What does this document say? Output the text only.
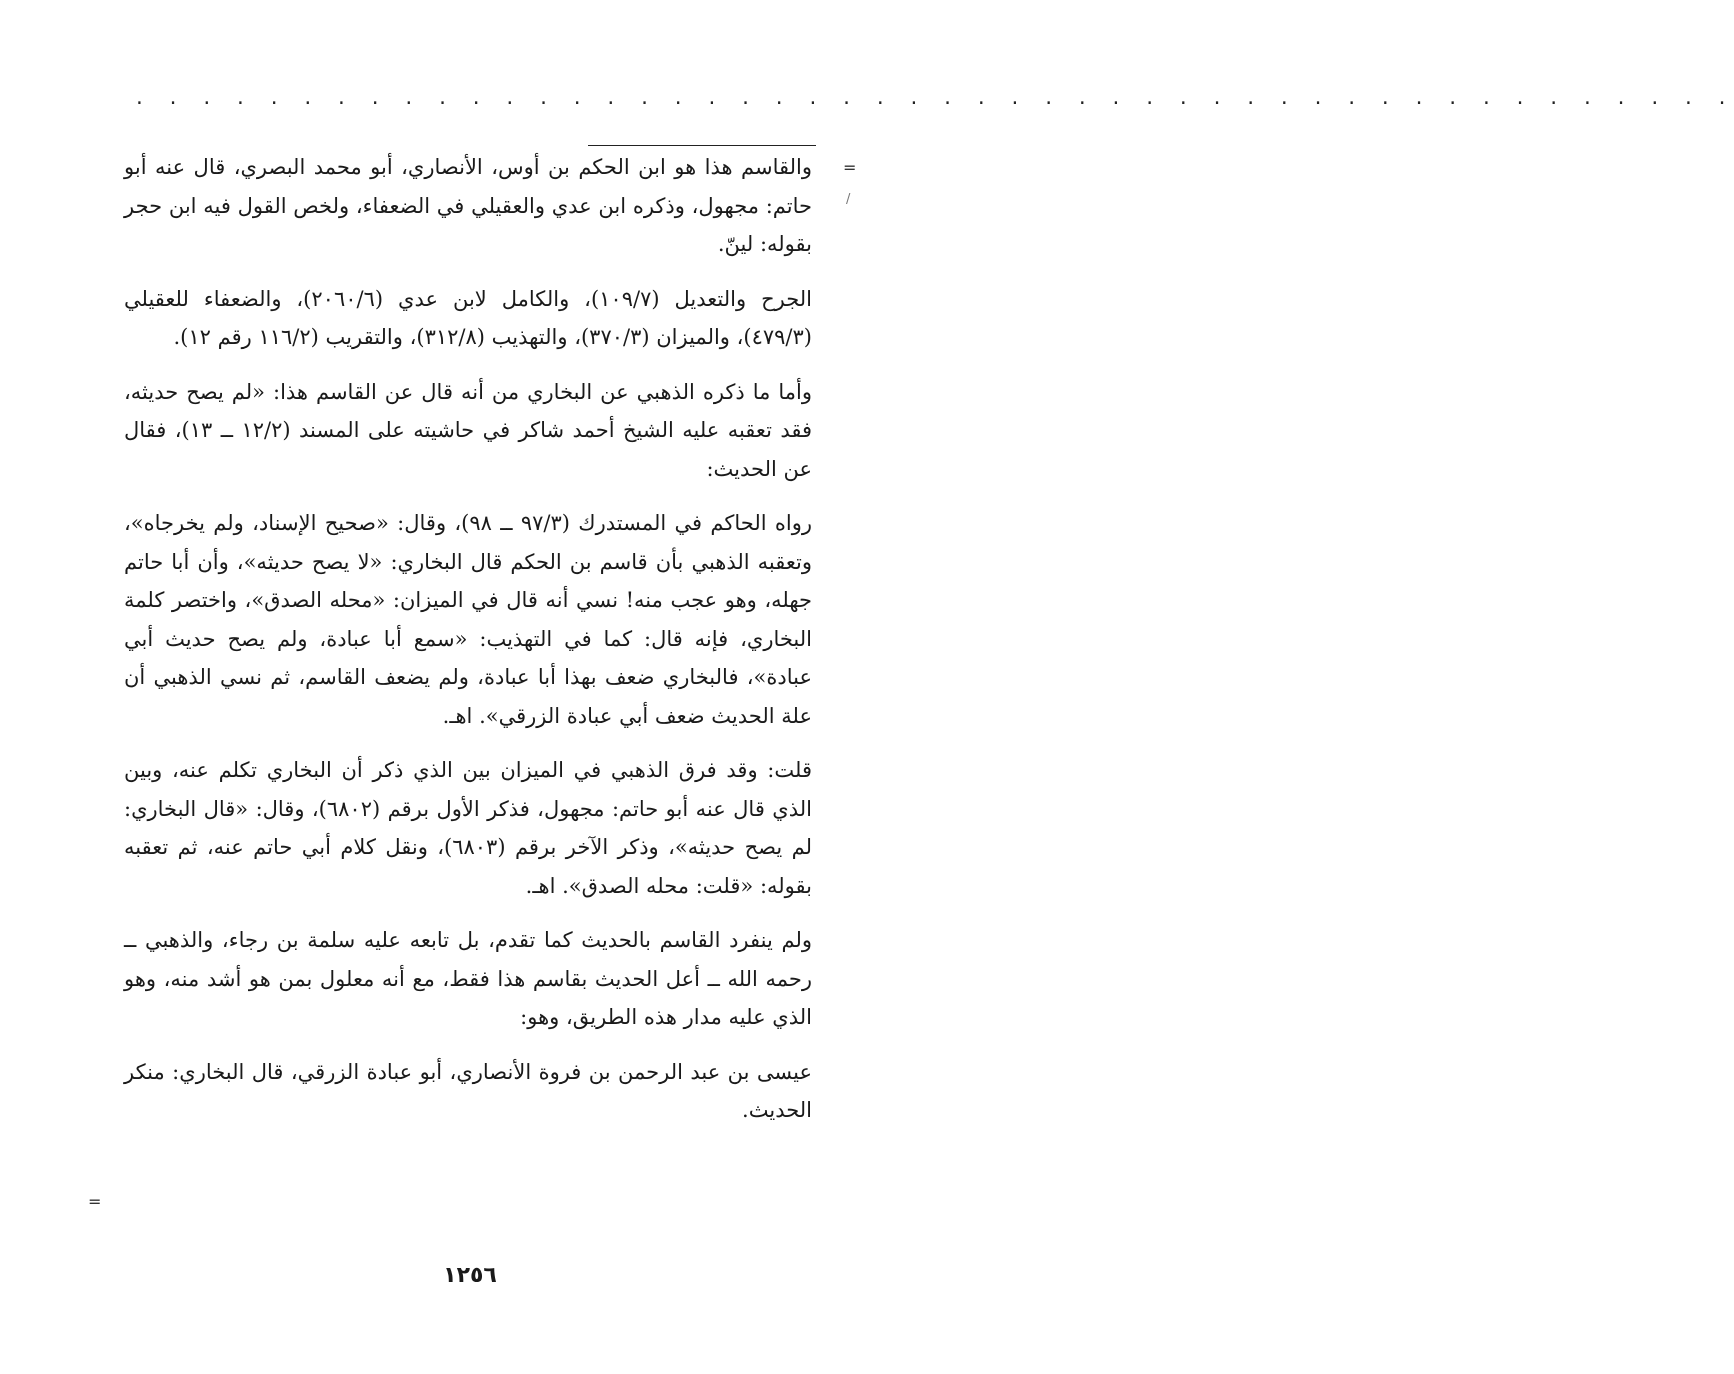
· · · · · · · · · · · · · · · · · · · · · · · · · · · · · · · · · · · · · · · · · · · · · · · ·
=
/
=

والقاسم هذا هو ابن الحكم بن أوس، الأنصاري، أبو محمد البصري، قال عنه أبو حاتم: مجهول، وذكره ابن عدي والعقيلي في الضعفاء، ولخص القول فيه ابن حجر بقوله: لينّ.

الجرح والتعديل (١٠٩/٧)، والكامل لابن عدي (٢٠٦٠/٦)، والضعفاء للعقيلي (٤٧٩/٣)، والميزان (٣٧٠/٣)، والتهذيب (٣١٢/٨)، والتقريب (١١٦/٢ رقم ١٢).

وأما ما ذكره الذهبي عن البخاري من أنه قال عن القاسم هذا: «لم يصح حديثه، فقد تعقبه عليه الشيخ أحمد شاكر في حاشيته على المسند (١٢/٢ ــ ١٣)، فقال عن الحديث:

رواه الحاكم في المستدرك (٩٧/٣ ــ ٩٨)، وقال: «صحيح الإسناد، ولم يخرجاه»، وتعقبه الذهبي بأن قاسم بن الحكم قال البخاري: «لا يصح حديثه»، وأن أبا حاتم جهله، وهو عجب منه! نسي أنه قال في الميزان: «محله الصدق»، واختصر كلمة البخاري، فإنه قال: كما في التهذيب: «سمع أبا عبادة، ولم يصح حديث أبي عبادة»، فالبخاري ضعف بهذا أبا عبادة، ولم يضعف القاسم، ثم نسي الذهبي أن علة الحديث ضعف أبي عبادة الزرقي». اهـ.

قلت: وقد فرق الذهبي في الميزان بين الذي ذكر أن البخاري تكلم عنه، وبين الذي قال عنه أبو حاتم: مجهول، فذكر الأول برقم (٦٨٠٢)، وقال: «قال البخاري: لم يصح حديثه»، وذكر الآخر برقم (٦٨٠٣)، ونقل كلام أبي حاتم عنه، ثم تعقبه بقوله: «قلت: محله الصدق». اهـ.

ولم ينفرد القاسم بالحديث كما تقدم، بل تابعه عليه سلمة بن رجاء، والذهبي ــ رحمه الله ــ أعل الحديث بقاسم هذا فقط، مع أنه معلول بمن هو أشد منه، وهو الذي عليه مدار هذه الطريق، وهو:

عيسى بن عبد الرحمن بن فروة الأنصاري، أبو عبادة الزرقي، قال البخاري: منكر الحديث.

١٢٥٦
